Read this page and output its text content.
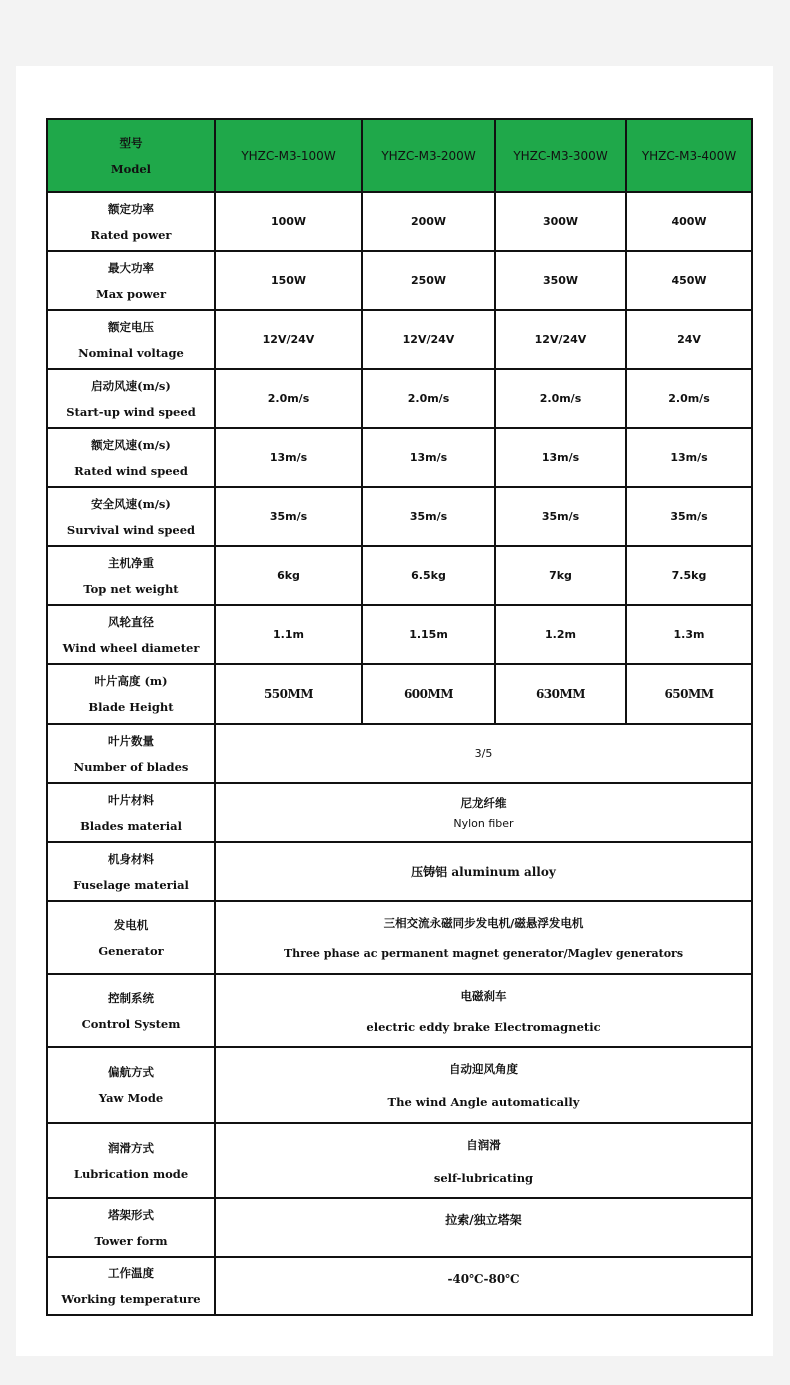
型号
Model	YHZC-M3-100W	YHZC-M3-200W	YHZC-M3-300W	YHZC-M3-400W

额定功率
Rated power	100W	200W	300W	400W

最大功率
Max power	150W	250W	350W	450W

额定电压
Nominal voltage	12V/24V	12V/24V	12V/24V	24V

启动风速(m/s)
Start-up wind speed	2.0m/s	2.0m/s	2.0m/s	2.0m/s

额定风速(m/s)
Rated wind speed	13m/s	13m/s	13m/s	13m/s

安全风速(m/s)
Survival wind speed	35m/s	35m/s	35m/s	35m/s

主机净重
Top net weight	6kg	6.5kg	7kg	7.5kg

风轮直径
Wind wheel diameter	1.1m	1.15m	1.2m	1.3m

叶片高度 (m)
Blade Height	550MM	600MM	630MM	650MM

叶片数量
Number of blades	3/5			

叶片材料
Blades material	尼龙纤维
Nylon fiber			

机身材料
Fuselage material	压铸铝 aluminum alloy			

发电机
Generator	三相交流永磁同步发电机/磁悬浮发电机
Three phase ac permanent magnet generator/Maglev generators			

控制系统
Control System	电磁刹车
electric eddy brake Electromagnetic			

偏航方式
Yaw Mode	自动迎风角度
The wind Angle automatically			

润滑方式
Lubrication mode	自润滑
self-lubricating			

塔架形式
Tower form	拉索/独立塔架			

工作温度
Working temperature	-40℃-80℃			
